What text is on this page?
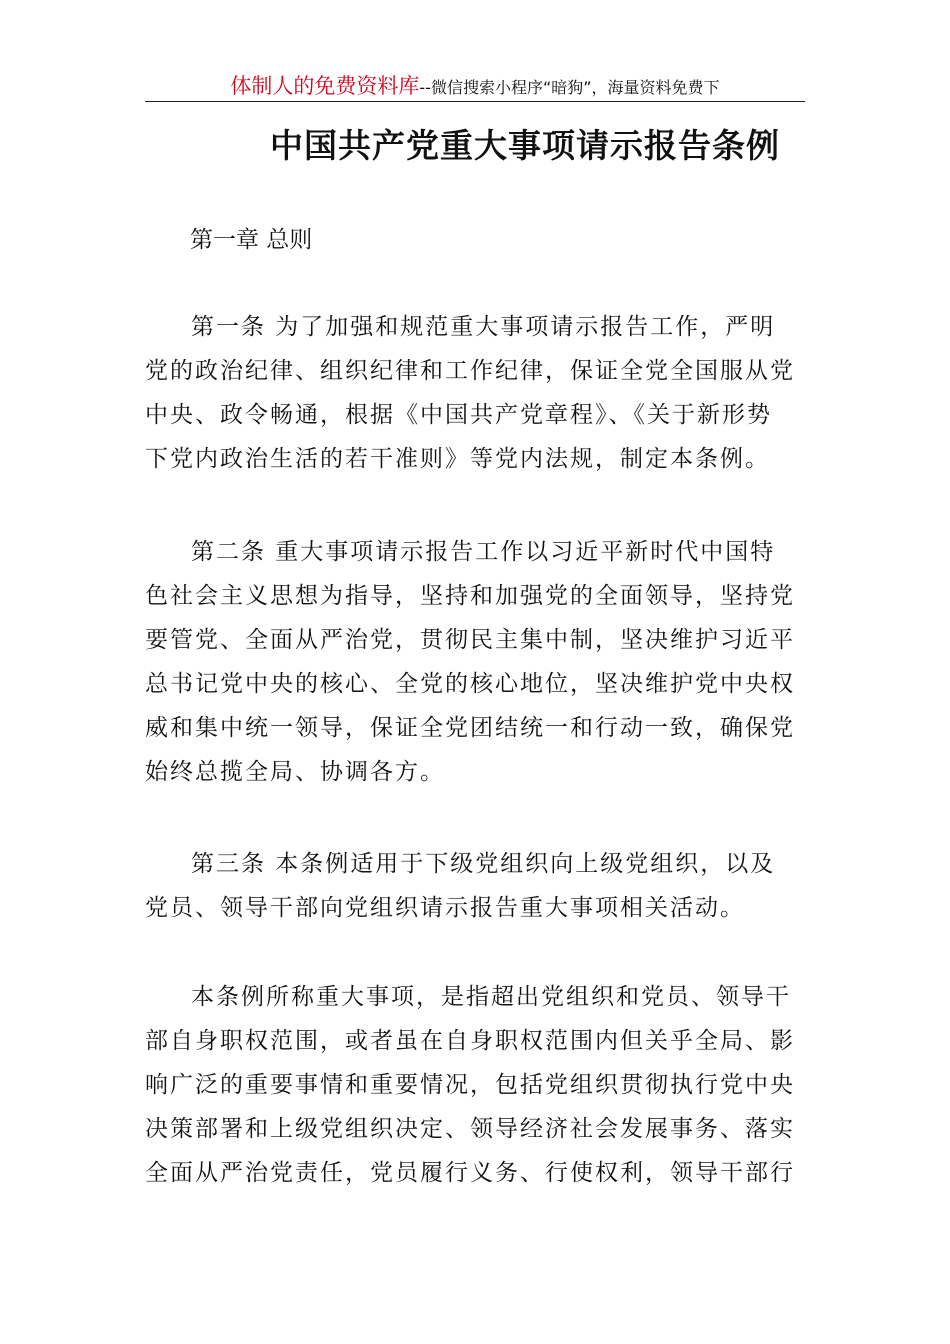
体制人的免费资料库--微信搜索小程序“暗狗”，海量资料免费下
中国共产党重大事项请示报告条例
第一章 总则

第一条 为了加强和规范重大事项请示报告工作，严明
党的政治纪律、组织纪律和工作纪律，保证全党全国服从党
中央、政令畅通，根据《中国共产党章程》、《关于新形势
下党内政治生活的若干准则》等党内法规，制定本条例。

第二条 重大事项请示报告工作以习近平新时代中国特
色社会主义思想为指导，坚持和加强党的全面领导，坚持党
要管党、全面从严治党，贯彻民主集中制，坚决维护习近平
总书记党中央的核心、全党的核心地位，坚决维护党中央权
威和集中统一领导，保证全党团结统一和行动一致，确保党
始终总揽全局、协调各方。

第三条 本条例适用于下级党组织向上级党组织，以及
党员、领导干部向党组织请示报告重大事项相关活动。

本条例所称重大事项，是指超出党组织和党员、领导干
部自身职权范围，或者虽在自身职权范围内但关乎全局、影
响广泛的重要事情和重要情况，包括党组织贯彻执行党中央
决策部署和上级党组织决定、领导经济社会发展事务、落实
全面从严治党责任，党员履行义务、行使权利，领导干部行
